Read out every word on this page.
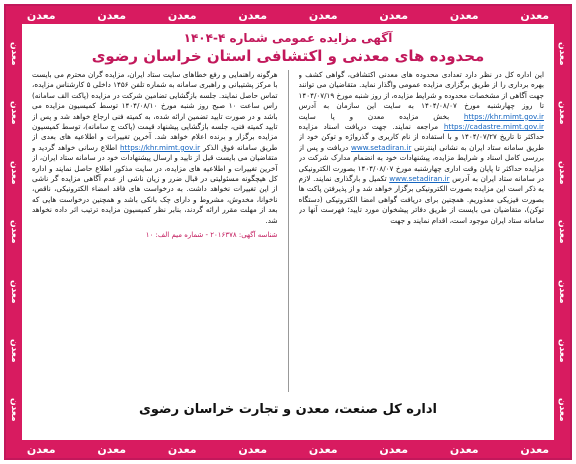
معدن	معدن	معدن	معدن	معدن	معدن	معدن	معدن
معدن
معدن
معدن
معدن
معدن
معدن
معدن
معدن
معدن
معدن
معدن
معدن
معدن
معدن
آگهی مزایده عمومی شماره ۴-۱۴۰۴
محدوده های معدنی و اکتشافی استان خراسان رضوی
این اداره کل در نظر دارد تعدادی محدوده های معدنی اکتشافی، گواهی کشف و بهره برداری را از طریق برگزاری مزایده عمومی واگذار نماید. متقاضیان می توانند جهت آگاهی از مشخصات محدوده و شرایط مزایده، از روز شنبه مورخ ۱۴۰۴/۰۷/۱۹ تا روز چهارشنبه مورخ ۱۴۰۴/۰۸/۰۷ به سایت این سازمان به آدرس https://khr.mimt.gov.ir بخش مزایده معدن و یا سایت https://cadastre.mimt.gov.ir مراجعه نمایند. جهت دریافت اسناد مزایده حداکثر تا تاریخ ۱۴۰۴/۰۷/۲۷ و با استفاده از نام کاربری و گذرواژه و توکن خود از طریق سامانه ستاد ایران به نشانی اینترنتی www.setadiran.ir دریافت و پس از بررسی کامل اسناد و شرایط مزایده، پیشنهادات خود به انضمام مدارک شرکت در مزایده حداکثر تا پایان وقت اداری چهارشنبه مورخ ۱۴۰۴/۰۸/۰۷ بصورت الکترونیکی در سامانه ستاد ایران به آدرس www.setadiran.ir تکمیل و بارگذاری نمایند. لازم به ذکر است این مزایده بصورت الکترونیکی برگزار خواهد شد و از پذیرفتن پاکت ها بصورت فیزیکی معذوریم. همچنین برای دریافت گواهی امضا الکترونیکی (دستگاه توکن)، متقاضیان می بایست از طریق دفاتر پیشخوان مورد تایید؛ فهرست آنها در سامانه ستاد ایران موجود است، اقدام نمایند و جهت
هرگونه راهنمایی و رفع خطاهای سایت ستاد ایران، مزایده گران محترم می بایست با مرکز پشتیبانی و راهبری سامانه به شماره تلفن ۱۴۵۶ داخلی ۵ کارشناس مزایده، تماس حاصل نمایند. جلسه بازگشایی تضامین شرکت در مزایده (پاکت الف سامانه) راس ساعت ۱۰ صبح روز شنبه مورخ ۱۴۰۴/۰۸/۱۰ توسط کمیسیون مزایده می باشد و در صورت تایید تضمین ارائه شده، به کمیته فنی ارجاع خواهد شد و پس از تایید کمیته فنی، جلسه بازگشایی پیشنهاد قیمت (پاکت ج سامانه)، توسط کمیسیون مزایده برگزار و برنده اعلام خواهد شد. آخرین تغییرات و اطلاعیه های بعدی از طریق سامانه فوق الذکر https://khr.mimt.gov.ir اطلاع رسانی خواهد گردید و متقاضیان می بایست قبل از تایید و ارسال پیشنهادات خود در سامانه ستاد ایران، از آخرین تغییرات و اطلاعیه های مزایده، در سایت مذکور اطلاع حاصل نمایند و اداره کل هیچگونه مسئولیتی در قبال ضرر و زیان ناشی از عدم آگاهی مزایده گر ناشی از این تغییرات نخواهد داشت. به درخواست های فاقد امضاء الکترونیکی، ناقص، ناخوانا، مخدوش، مشروط و دارای چک بانکی باشد و همچنین درخواست هایی که بعد از مهلت مقرر ارائه گردند، بنابر نظر کمیسیون مزایده ترتیب اثر داده نخواهد شد.
شناسه آگهی: ۲۰۱۶۳۷۸ - شماره میم الف: ۱۰
اداره کل صنعت، معدن و تجارت خراسان رضوی
معدن	معدن	معدن	معدن	معدن	معدن	معدن	معدن
